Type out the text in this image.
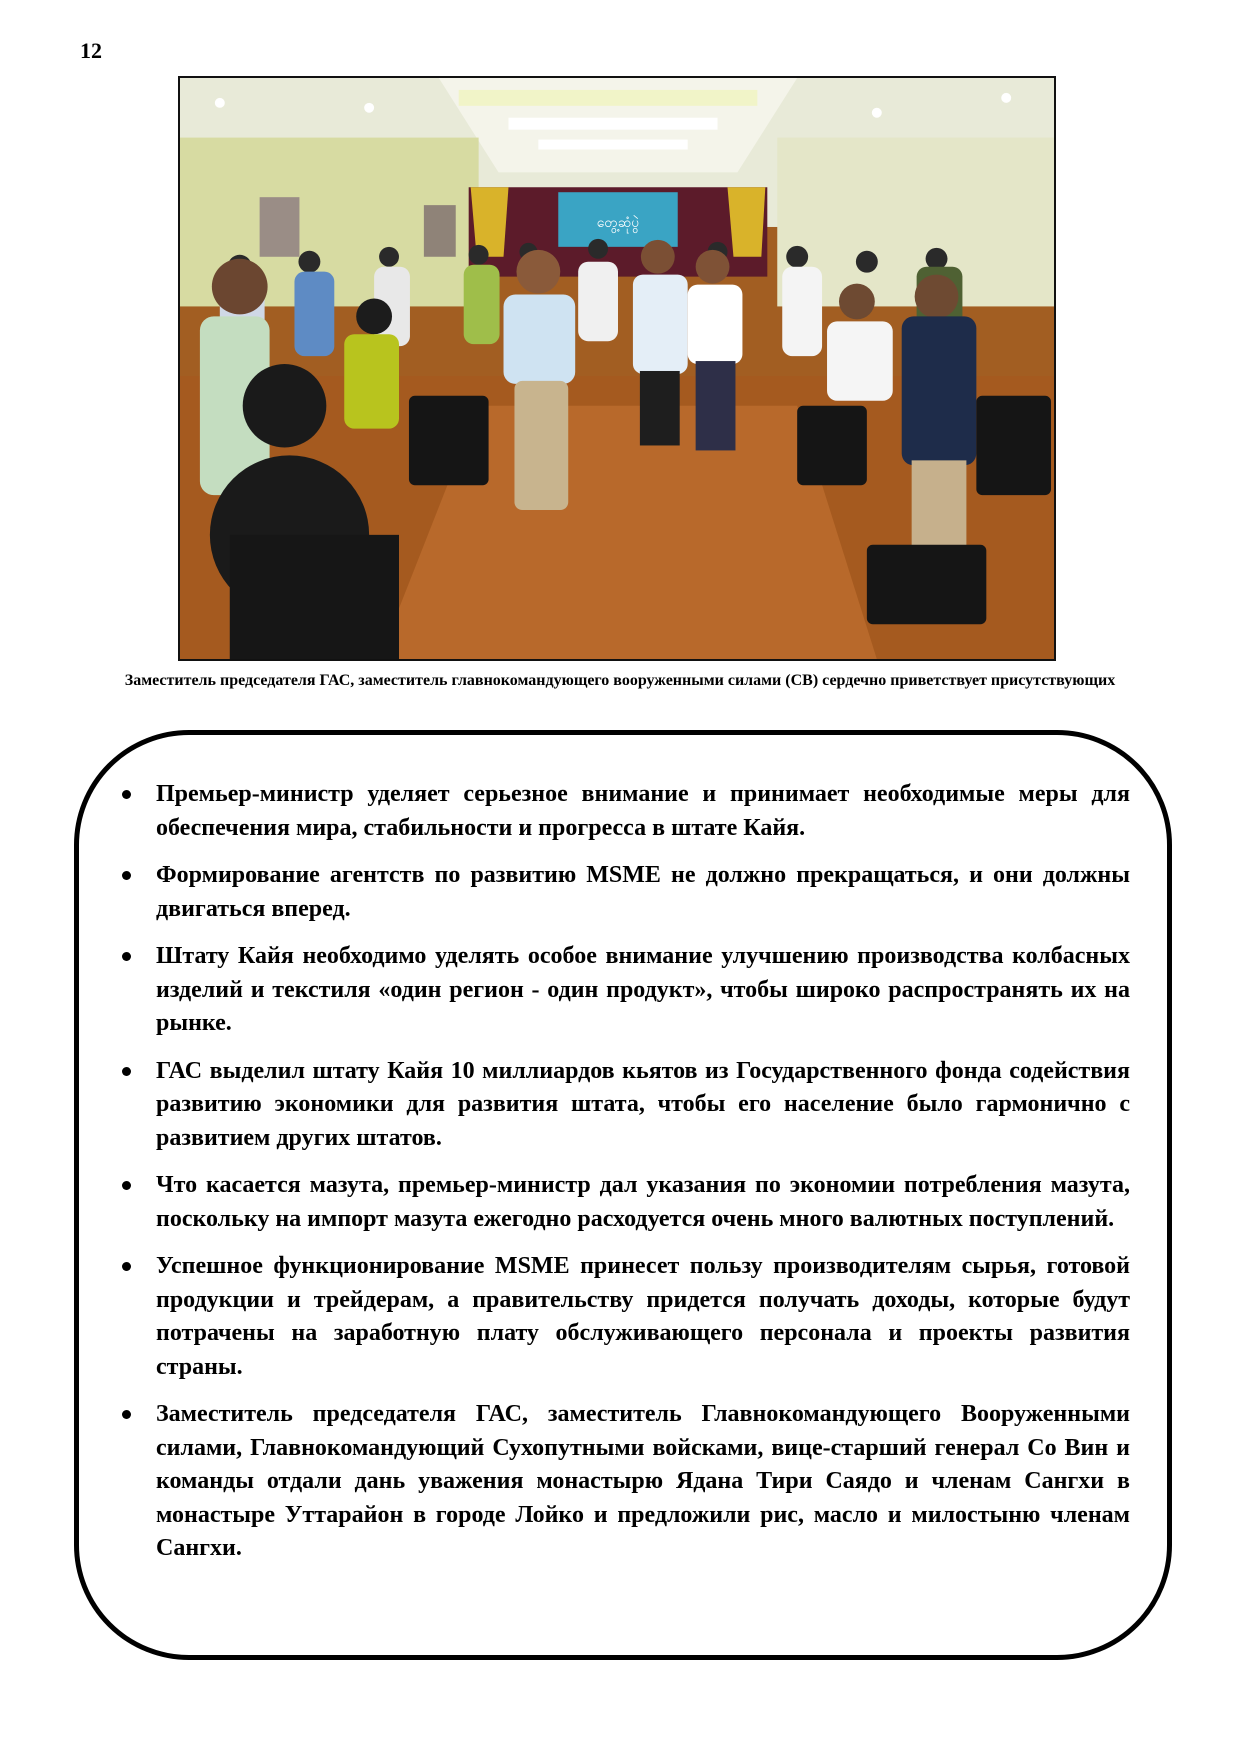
12
တွေ့ဆုံပွဲ
Заместитель председателя ГАС, заместитель главнокомандующего вооруженными силами (СВ) сердечно приветствует присутствующих
Премьер-министр уделяет серьезное внимание и принимает необходимые меры для обеспечения мира, стабильности и прогресса в штате Кайя.
Формирование агентств по развитию MSME не должно прекращаться, и они должны двигаться вперед.
Штату Кайя необходимо уделять особое внимание улучшению производства колбасных изделий и текстиля «один регион - один продукт», чтобы широко распространять их на рынке.
ГАС выделил штату Кайя 10 миллиардов кьятов из Государственного фонда содействия развитию экономики для развития штата, чтобы его население было гармонично с развитием других штатов.
Что касается мазута, премьер-министр дал указания по экономии потребления мазута, поскольку на импорт мазута ежегодно расходуется очень много валютных поступлений.
Успешное функционирование MSME принесет пользу производителям сырья, готовой продукции и трейдерам, а правительству придется получать доходы, которые будут потрачены на заработную плату обслуживающего персонала и проекты развития страны.
Заместитель председателя ГАС, заместитель Главнокомандующего Вооруженными силами, Главнокомандующий Сухопутными войсками, вице-старший генерал Со Вин и команды отдали дань уважения монастырю Ядана Тири Саядо и членам Сангхи в монастыре Уттарайон в городе Лойко и предложили рис, масло и милостыню членам Сангхи.
